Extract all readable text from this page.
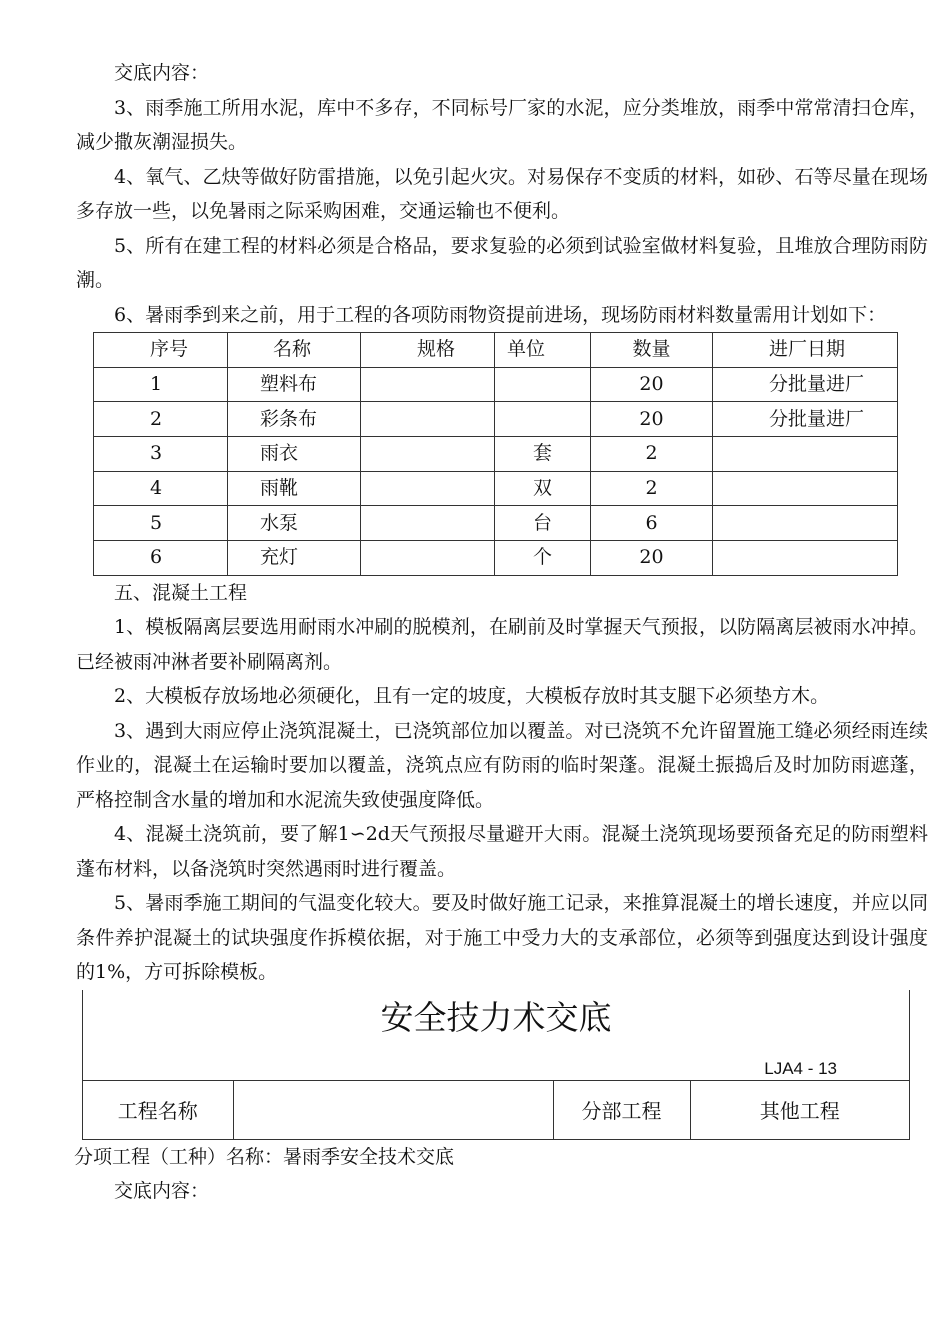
交底内容：

3、雨季施工所用水泥，库中不多存，不同标号厂家的水泥，应分类堆放，雨季中常常清扫仓库，减少撒灰潮湿损失。

4、氧气、乙炔等做好防雷措施，以免引起火灾。对易保存不变质的材料，如砂、石等尽量在现场多存放一些，以免暑雨之际采购困难，交通运输也不便利。

5、所有在建工程的材料必须是合格品，要求复验的必须到试验室做材料复验，且堆放合理防雨防潮。

6、暑雨季到来之前，用于工程的各项防雨物资提前进场，现场防雨材料数量需用计划如下：

序号	名称	规格	单位	数量	进厂日期
1	塑料布			20	分批量进厂
2	彩条布			20	分批量进厂
3	雨衣		套	2	
4	雨靴		双	2	
5	水泵		台	6	
6	充灯		个	20	

五、混凝土工程

1、模板隔离层要选用耐雨水冲刷的脱模剂，在刷前及时掌握天气预报，以防隔离层被雨水冲掉。已经被雨冲淋者要补刷隔离剂。

2、大模板存放场地必须硬化，且有一定的坡度，大模板存放时其支腿下必须垫方木。

3、遇到大雨应停止浇筑混凝土，已浇筑部位加以覆盖。对已浇筑不允许留置施工缝必须经雨连续作业的，混凝土在运输时要加以覆盖，浇筑点应有防雨的临时架蓬。混凝土振捣后及时加防雨遮蓬，严格控制含水量的增加和水泥流失致使强度降低。

4、混凝土浇筑前，要了解1∽2d天气预报尽量避开大雨。混凝土浇筑现场要预备充足的防雨塑料蓬布材料，以备浇筑时突然遇雨时进行覆盖。

5、暑雨季施工期间的气温变化较大。要及时做好施工记录，来推算混凝土的增长速度，并应以同条件养护混凝土的试块强度作拆模依据，对于施工中受力大的支承部位，必须等到强度达到设计强度的1%，方可拆除模板。

安全技力术交底
LJA4 - 13
工程名称		分部工程	其他工程

分项工程（工种）名称：暑雨季安全技术交底

交底内容：
